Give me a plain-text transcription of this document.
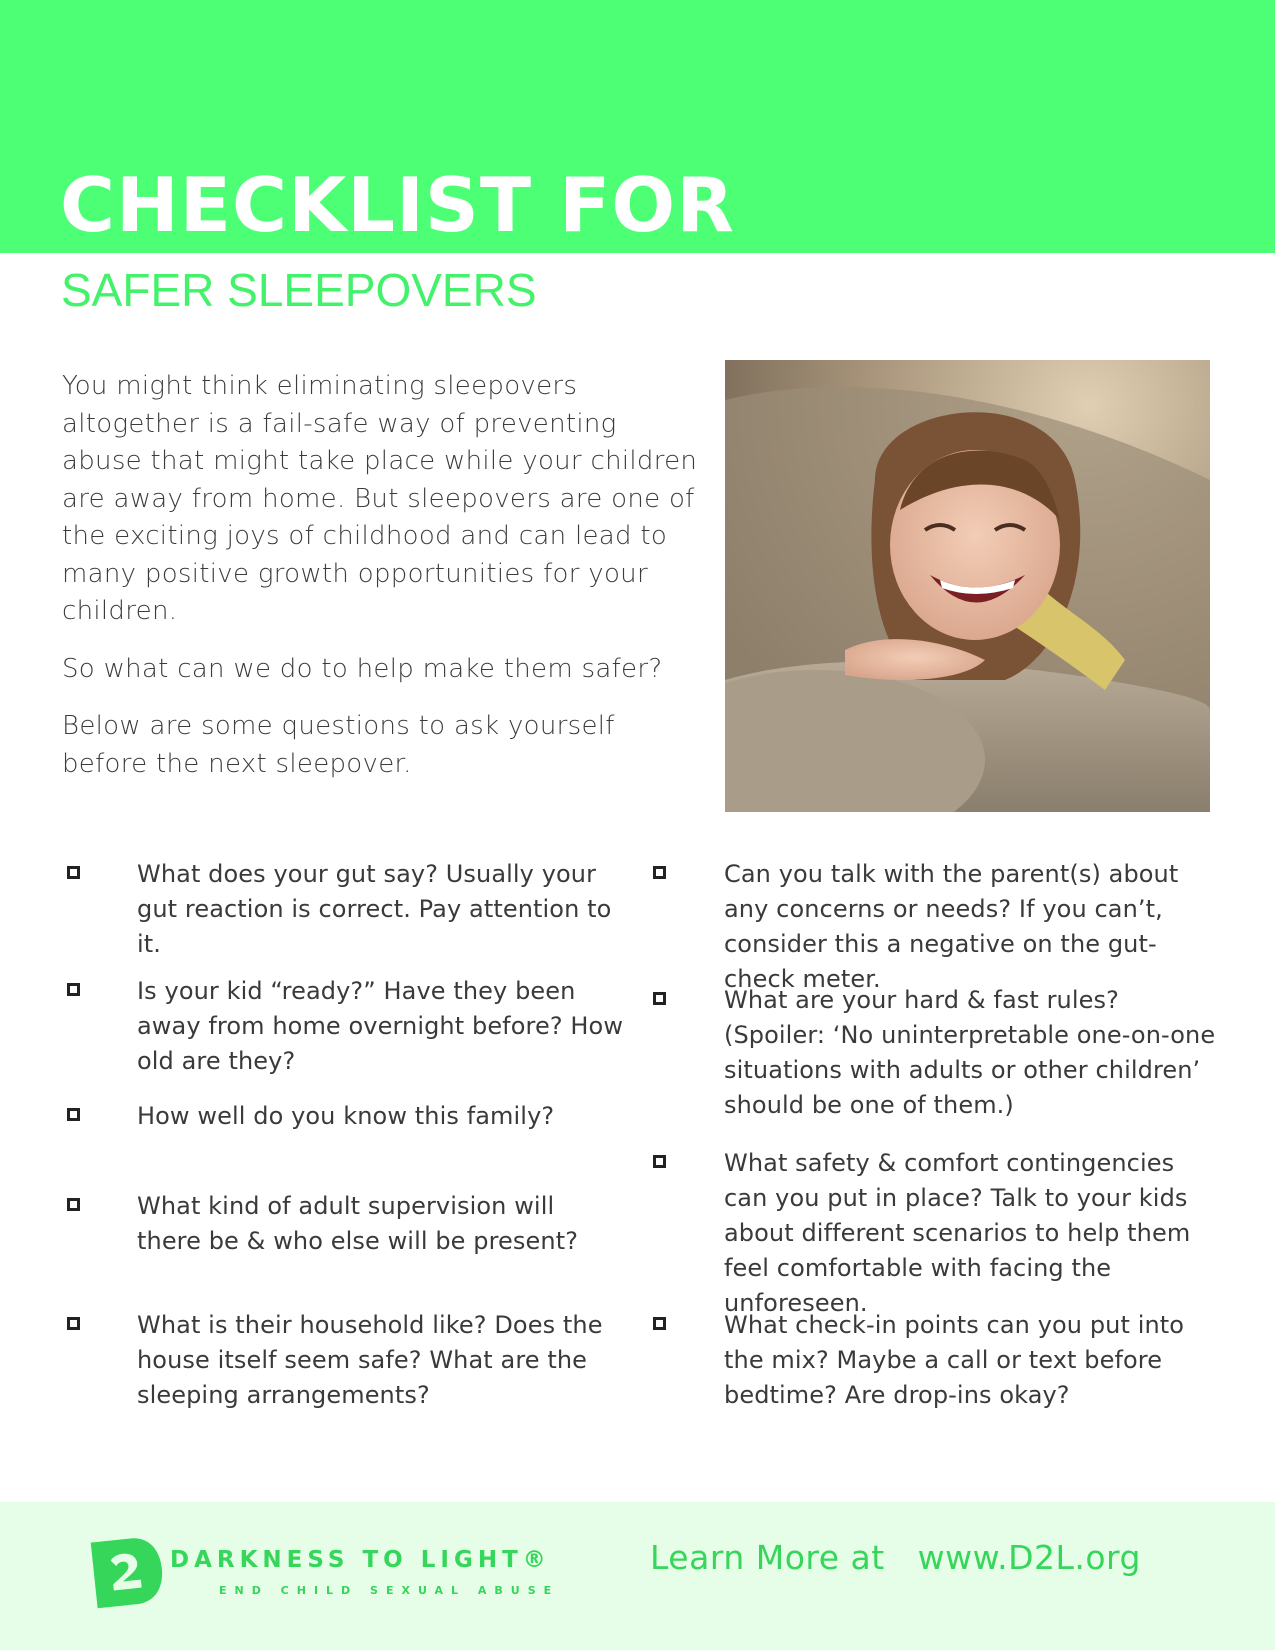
CHECKLIST FOR
SAFER SLEEPOVERS

You might think eliminating sleepovers altogether is a fail-safe way of preventing abuse that might take place while your children are away from home. But sleepovers are one of the exciting joys of childhood and can lead to many positive growth opportunities for your children.

So what can we do to help make them safer?

Below are some questions to ask yourself before the next sleepover.

What does your gut say? Usually your gut reaction is correct. Pay attention to it.
Is your kid “ready?” Have they been away from home overnight before? How old are they?
How well do you know this family?
What kind of adult supervision will there be & who else will be present?
What is their household like? Does the house itself seem safe? What are the sleeping arrangements?
Can you talk with the parent(s) about any concerns or needs? If you can’t, consider this a negative on the gut-check meter.
What are your hard & fast rules? (Spoiler: ‘No uninterpretable one-on-one situations with adults or other children’ should be one of them.)
What safety & comfort contingencies can you put in place? Talk to your kids about different scenarios to help them feel comfortable with facing the unforeseen.
What check-in points can you put into the mix? Maybe a call or text before bedtime? Are drop-ins okay?
DARKNESS TO LIGHT®
END CHILD SEXUAL ABUSE
Learn More at   www.D2L.org
